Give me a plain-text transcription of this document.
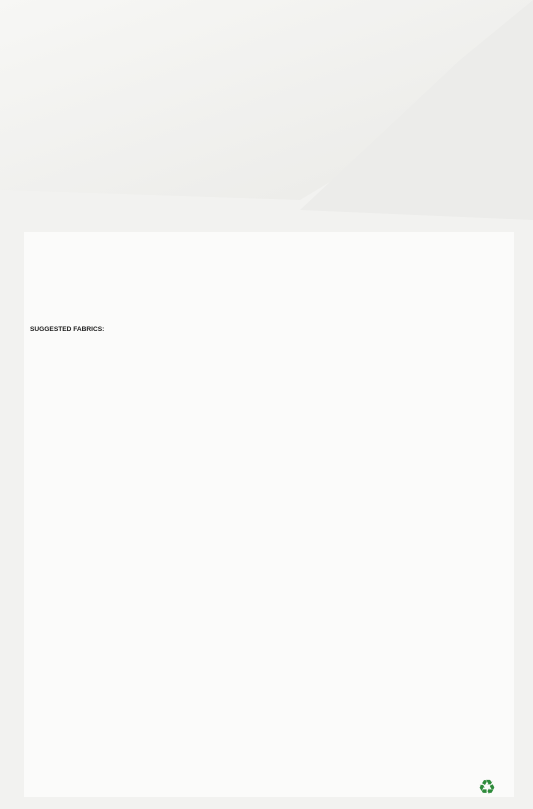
SUGGESTED FABRICS:

♻
